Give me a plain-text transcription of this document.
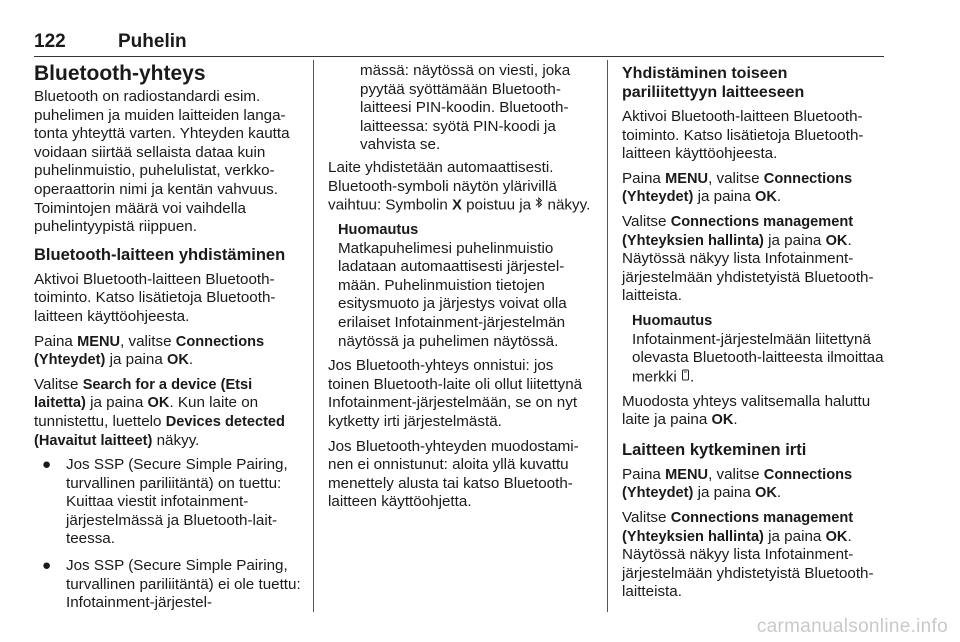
122	Puhelin
Bluetooth-yhteys

Bluetooth on radiostandardi esim. puhelimen ja muiden laitteiden langatonta yhteyttä varten. Yhteyden kautta voidaan siirtää sellaista dataa kuin puhelinmuistio, puhelulistat, verkko-operaattorin nimi ja kentän vahvuus. Toimintojen määrä voi vaihdella puhelintyypistä riippuen.

Bluetooth-laitteen yhdistäminen

Aktivoi Bluetooth-laitteen Bluetooth-toiminto. Katso lisätietoja Bluetooth-laitteen käyttöohjeesta.

Paina MENU, valitse Connections (Yhteydet) ja paina OK.

Valitse Search for a device (Etsi laitetta) ja paina OK. Kun laite on tunnistettu, luettelo Devices detected (Havaitut laitteet) näkyy.

● Jos SSP (Secure Simple Pairing, turvallinen pariliitäntä) on tuettu: Kuittaa viestit infotainment-järjestelmässä ja Bluetooth-laitteessa.
● Jos SSP (Secure Simple Pairing, turvallinen pariliitäntä) ei ole tuettu: Infotainment-järjestel-

mässä: näytössä on viesti, joka pyytää syöttämään Bluetooth-laitteesi PIN-koodin. Bluetooth-laitteessa: syötä PIN-koodi ja vahvista se.

Laite yhdistetään automaattisesti. Bluetooth-symboli näytön ylärivillä vaihtuu: Symbolin X poistuu ja  näkyy.

Huomautus
Matkapuhelimesi puhelinmuistio ladataan automaattisesti järjestelmään. Puhelinmuistion tietojen esitysmuoto ja järjestys voivat olla erilaiset Infotainment-järjestelmän näytössä ja puhelimen näytössä.

Jos Bluetooth-yhteys onnistui: jos toinen Bluetooth-laite oli ollut liitettynä Infotainment-järjestelmään, se on nyt kytketty irti järjestelmästä.

Jos Bluetooth-yhteyden muodostaminen ei onnistunut: aloita yllä kuvattu menettely alusta tai katso Bluetooth-laitteen käyttöohjetta.

Yhdistäminen toiseen pariliitettyyn laitteeseen

Aktivoi Bluetooth-laitteen Bluetooth-toiminto. Katso lisätietoja Bluetooth-laitteen käyttöohjeesta.

Paina MENU, valitse Connections (Yhteydet) ja paina OK.

Valitse Connections management (Yhteyksien hallinta) ja paina OK. Näytössä näkyy lista Infotainment-järjestelmään yhdistetyistä Bluetooth-laitteista.

Huomautus
Infotainment-järjestelmään liitettynä olevasta Bluetooth-laitteesta ilmoittaa merkki .

Muodosta yhteys valitsemalla haluttu laite ja paina OK.

Laitteen kytkeminen irti

Paina MENU, valitse Connections (Yhteydet) ja paina OK.

Valitse Connections management (Yhteyksien hallinta) ja paina OK. Näytössä näkyy lista Infotainment-järjestelmään yhdistetyistä Bluetooth-laitteista.

carmanualsonline.info
